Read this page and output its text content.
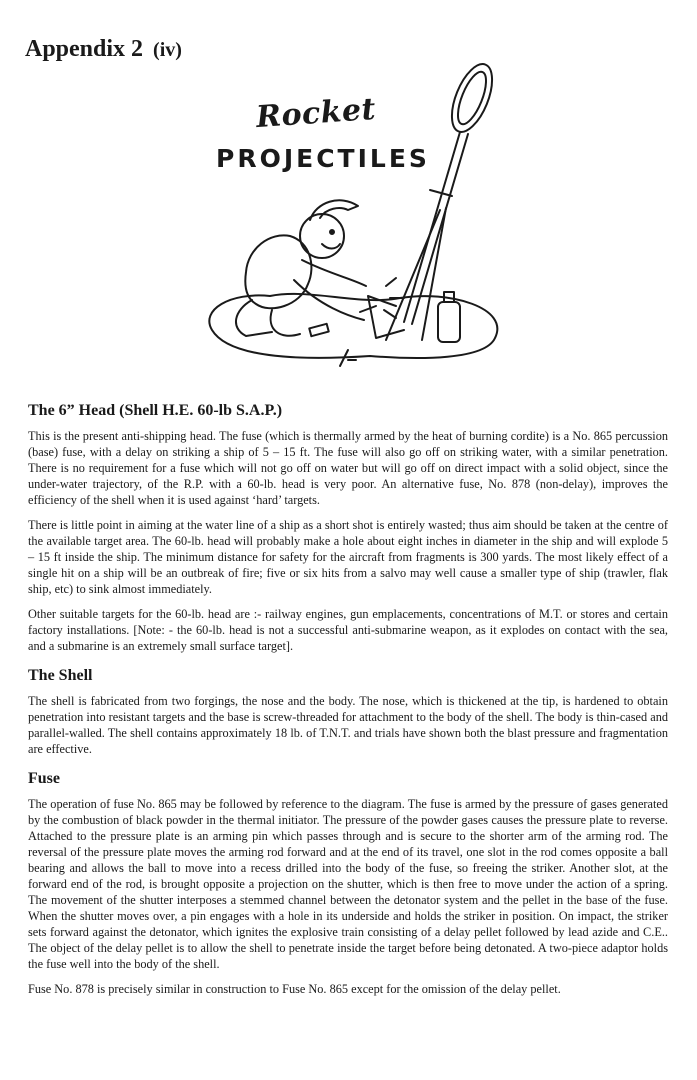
Appendix 2 (iv)
Rocket
PROJECTILES
The 6” Head (Shell H.E. 60-lb S.A.P.)

This is the present anti-shipping head. The fuse (which is thermally armed by the heat of burning cordite) is a No. 865 percussion (base) fuse, with a delay on striking a ship of 5 – 15 ft. The fuse will also go off on striking water, with a similar penetration. There is no requirement for a fuse which will not go off on water but will go off on direct impact with a solid object, since the under-water trajectory, of the R.P. with a 60-lb. head is very poor. An alternative fuse, No. 878 (non-delay), improves the efficiency of the shell when it is used against ‘hard’ targets.

There is little point in aiming at the water line of a ship as a short shot is entirely wasted; thus aim should be taken at the centre of the available target area. The 60-lb. head will probably make a hole about eight inches in diameter in the ship and will explode 5 – 15 ft inside the ship. The minimum distance for safety for the aircraft from fragments is 300 yards. The most likely effect of a single hit on a ship will be an outbreak of fire; five or six hits from a salvo may well cause a smaller type of ship (trawler, flak ship, etc) to sink almost immediately.

Other suitable targets for the 60-lb. head are :- railway engines, gun emplacements, concentrations of M.T. or stores and certain factory installations. [Note: - the 60-lb. head is not a successful anti-submarine weapon, as it explodes on contact with the sea, and a submarine is an extremely small surface target].

The Shell

The shell is fabricated from two forgings, the nose and the body. The nose, which is thickened at the tip, is hardened to obtain penetration into resistant targets and the base is screw-threaded for attachment to the body of the shell. The body is thin-cased and parallel-walled. The shell contains approximately 18 lb. of T.N.T. and trials have shown both the blast pressure and fragmentation are effective.

Fuse

The operation of fuse No. 865 may be followed by reference to the diagram. The fuse is armed by the pressure of gases generated by the combustion of black powder in the thermal initiator. The pressure of the powder gases causes the pressure plate to reverse. Attached to the pressure plate is an arming pin which passes through and is secure to the shorter arm of the arming rod. The reversal of the pressure plate moves the arming rod forward and at the end of its travel, one slot in the rod comes opposite a ball bearing and allows the ball to move into a recess drilled into the body of the fuse, so freeing the striker. Another slot, at the forward end of the rod, is brought opposite a projection on the shutter, which is then free to move under the action of a spring. The movement of the shutter interposes a stemmed channel between the detonator system and the pellet in the base of the fuse. When the shutter moves over, a pin engages with a hole in its underside and holds the striker in position. On impact, the striker sets forward against the detonator, which ignites the explosive train consisting of a delay pellet followed by lead azide and C.E.. The object of the delay pellet is to allow the shell to penetrate inside the target before being detonated. A two-piece adaptor holds the fuse well into the body of the shell.

Fuse No. 878 is precisely similar in construction to Fuse No. 865 except for the omission of the delay pellet.
